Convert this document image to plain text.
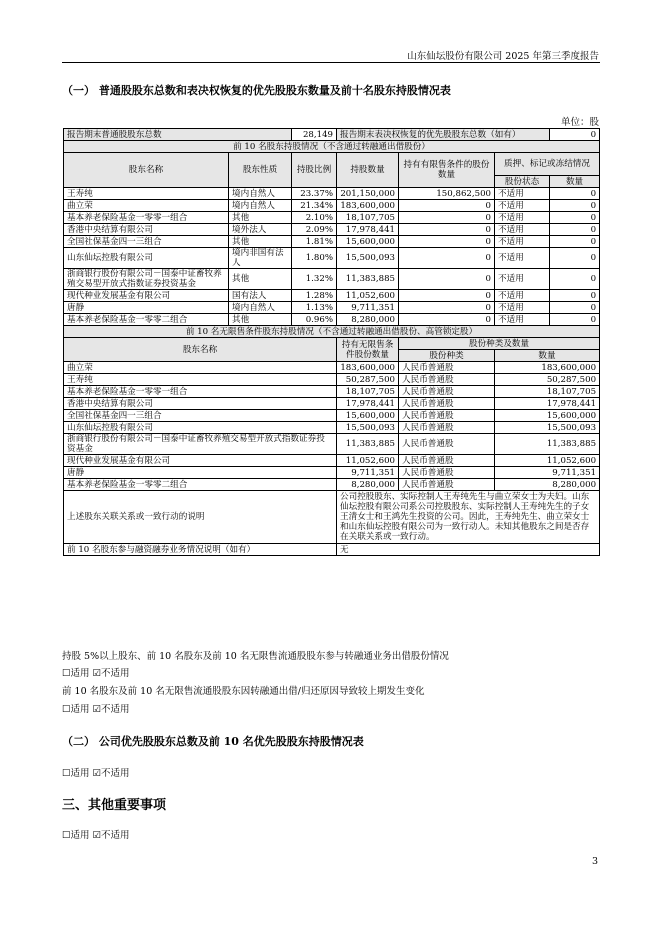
山东仙坛股份有限公司 2025 年第三季度报告
（一） 普通股股东总数和表决权恢复的优先股股东数量及前十名股东持股情况表
单位：股
报告期末普通股股东总数		28,149	报告期末表决权恢复的优先股股东总数（如有）			0
前 10 名股东持股情况（不含通过转融通出借股份）						
股东名称	股东性质	持股比例	持股数量	持有有限售条件的股份数量	质押、标记或冻结情况	
					股份状态	数量
王寿纯	境内自然人	23.37%	201,150,000	150,862,500	不适用	0
曲立荣	境内自然人	21.34%	183,600,000	0	不适用	0
基本养老保险基金一零零一组合	其他	2.10%	18,107,705	0	不适用	0
香港中央结算有限公司	境外法人	2.09%	17,978,441	0	不适用	0
全国社保基金四一三组合	其他	1.81%	15,600,000	0	不适用	0
山东仙坛控股有限公司	境内非国有法人	1.80%	15,500,093	0	不适用	0
浙商银行股份有限公司－国泰中证畜牧养殖交易型开放式指数证券投资基金	其他	1.32%	11,383,885	0	不适用	0
现代种业发展基金有限公司	国有法人	1.28%	11,052,600	0	不适用	0
唐静	境内自然人	1.13%	9,711,351	0	不适用	0
基本养老保险基金一零零二组合	其他	0.96%	8,280,000	0	不适用	0
前 10 名无限售条件股东持股情况（不含通过转融通出借股份、高管锁定股）						
股东名称			持有无限售条件股份数量	股份种类及数量		
				股份种类	数量	
曲立荣			183,600,000	人民币普通股	183,600,000	
王寿纯			50,287,500	人民币普通股	50,287,500	
基本养老保险基金一零零一组合			18,107,705	人民币普通股	18,107,705	
香港中央结算有限公司			17,978,441	人民币普通股	17,978,441	
全国社保基金四一三组合			15,600,000	人民币普通股	15,600,000	
山东仙坛控股有限公司			15,500,093	人民币普通股	15,500,093	
浙商银行股份有限公司－国泰中证畜牧养殖交易型开放式指数证券投资基金			11,383,885	人民币普通股	11,383,885	
现代种业发展基金有限公司			11,052,600	人民币普通股	11,052,600	
唐静			9,711,351	人民币普通股	9,711,351	
基本养老保险基金一零零二组合			8,280,000	人民币普通股	8,280,000	
上述股东关联关系或一致行动的说明			公司控股股东、实际控制人王寿纯先生与曲立荣女士为夫妇。山东仙坛控股有限公司系公司控股股东、实际控制人王寿纯先生的子女王清女士和王鸿先生投资的公司。因此，王寿纯先生、曲立荣女士和山东仙坛控股有限公司为一致行动人。未知其他股东之间是否存在关联关系或一致行动。			
前 10 名股东参与融资融券业务情况说明（如有）			无			
持股 5%以上股东、前 10 名股东及前 10 名无限售流通股股东参与转融通业务出借股份情况
☐适用 ☑不适用
前 10 名股东及前 10 名无限售流通股股东因转融通出借/归还原因导致较上期发生变化
☐适用 ☑不适用
（二） 公司优先股股东总数及前 10 名优先股股东持股情况表
☐适用 ☑不适用
三、其他重要事项
☐适用 ☑不适用
3
